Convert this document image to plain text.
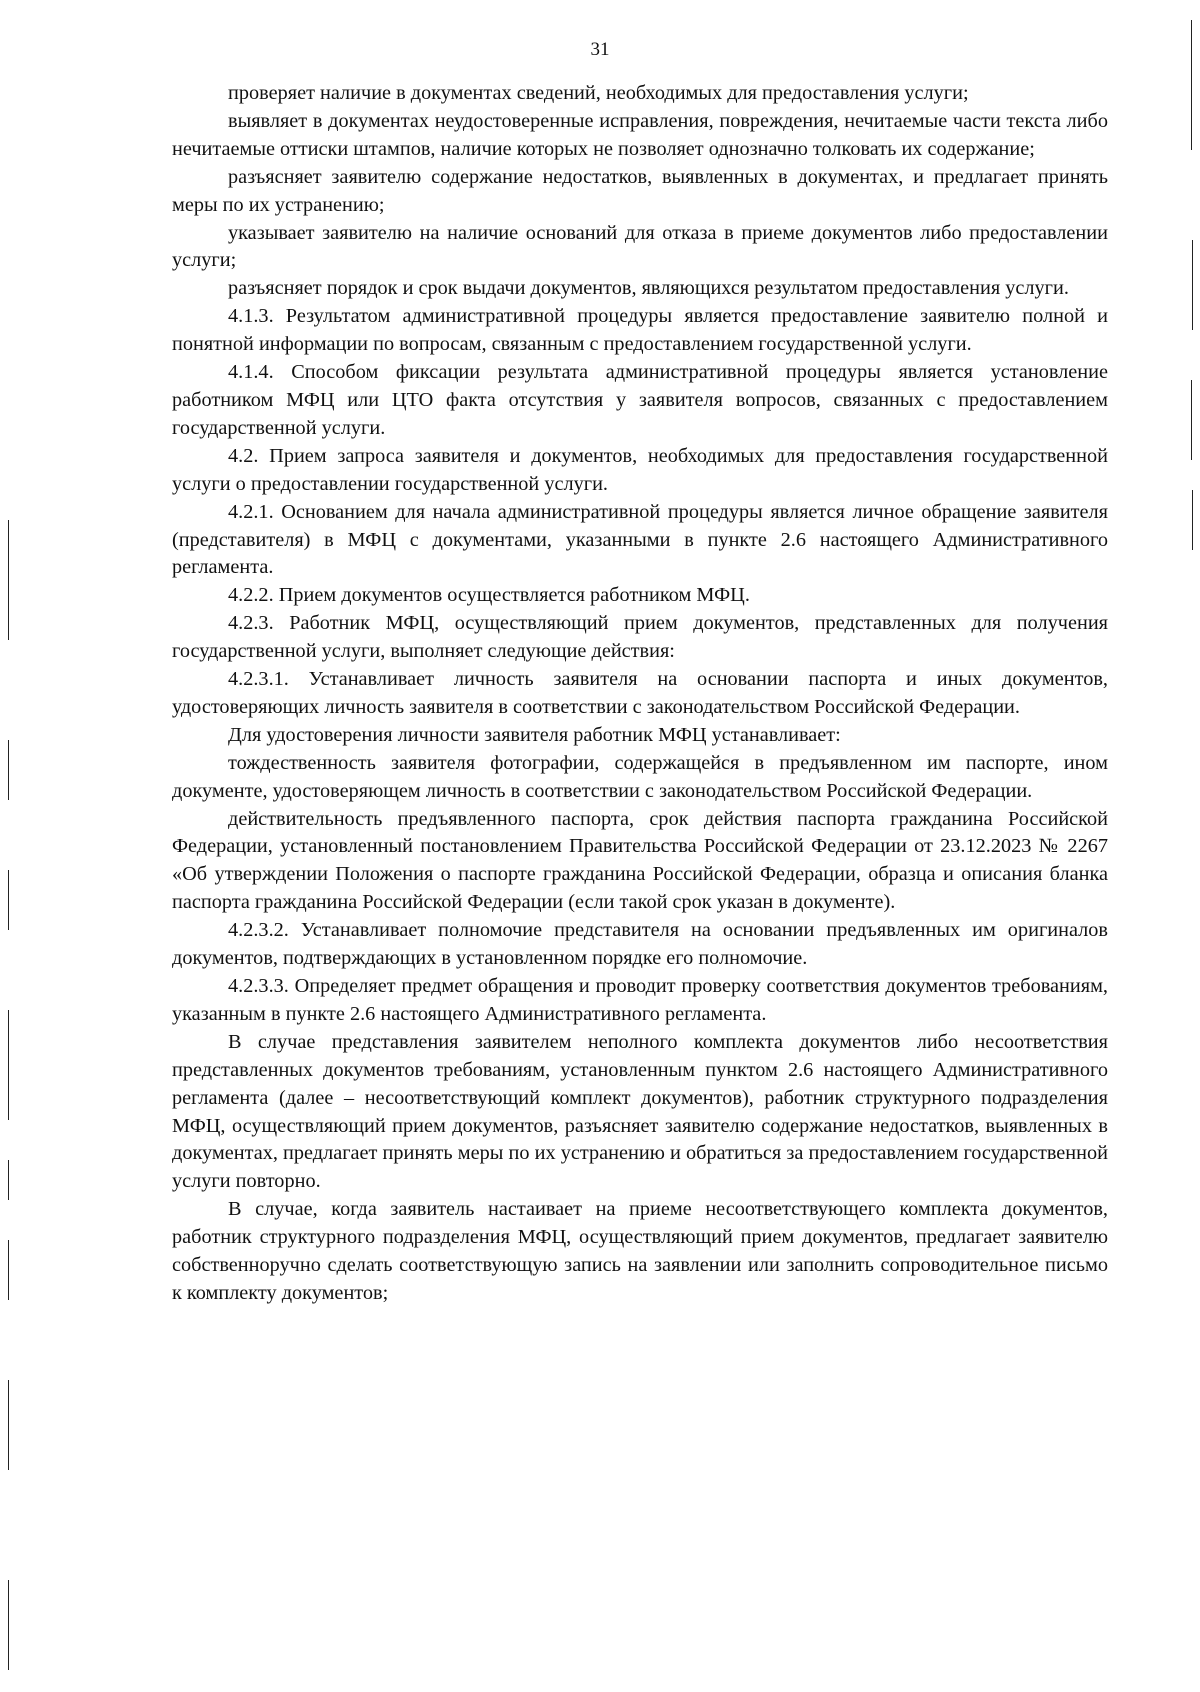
31

проверяет наличие в документах сведений, необходимых для предоставления услуги;

выявляет в документах неудостоверенные исправления, повреждения, нечитаемые части текста либо нечитаемые оттиски штампов, наличие которых не позволяет однозначно толковать их содержание;

разъясняет заявителю содержание недостатков, выявленных в документах, и предлагает принять меры по их устранению;

указывает заявителю на наличие оснований для отказа в приеме документов либо предоставлении услуги;

разъясняет порядок и срок выдачи документов, являющихся результатом предоставления услуги.

4.1.3. Результатом административной процедуры является предоставление заявителю полной и понятной информации по вопросам, связанным с предоставлением государственной услуги.

4.1.4. Способом фиксации результата административной процедуры является установление работником МФЦ или ЦТО факта отсутствия у заявителя вопросов, связанных с предоставлением государственной услуги.

4.2. Прием запроса заявителя и документов, необходимых для предоставления государственной услуги о предоставлении государственной услуги.

4.2.1. Основанием для начала административной процедуры является личное обращение заявителя (представителя) в МФЦ с документами, указанными в пункте 2.6 настоящего Административного регламента.

4.2.2. Прием документов осуществляется работником МФЦ.

4.2.3. Работник МФЦ, осуществляющий прием документов, представленных для получения государственной услуги, выполняет следующие действия:

4.2.3.1. Устанавливает личность заявителя на основании паспорта и иных документов, удостоверяющих личность заявителя в соответствии с законодательством Российской Федерации.

Для удостоверения личности заявителя работник МФЦ устанавливает:

тождественность заявителя фотографии, содержащейся в предъявленном им паспорте, ином документе, удостоверяющем личность в соответствии с законодательством Российской Федерации.

действительность предъявленного паспорта, срок действия паспорта гражданина Российской Федерации, установленный постановлением Правительства Российской Федерации от 23.12.2023 № 2267 «Об утверждении Положения о паспорте гражданина Российской Федерации, образца и описания бланка паспорта гражданина Российской Федерации (если такой срок указан в документе).

4.2.3.2. Устанавливает полномочие представителя на основании предъявленных им оригиналов документов, подтверждающих в установленном порядке его полномочие.

4.2.3.3. Определяет предмет обращения и проводит проверку соответствия документов требованиям, указанным в пункте 2.6 настоящего Административного регламента.

В случае представления заявителем неполного комплекта документов либо несоответствия представленных документов требованиям, установленным пунктом 2.6 настоящего Административного регламента (далее – несоответствующий комплект документов), работник структурного подразделения МФЦ, осуществляющий прием документов, разъясняет заявителю содержание недостатков, выявленных в документах, предлагает принять меры по их устранению и обратиться за предоставлением государственной услуги повторно.

В случае, когда заявитель настаивает на приеме несоответствующего комплекта документов, работник структурного подразделения МФЦ, осуществляющий прием документов, предлагает заявителю собственноручно сделать соответствующую запись на заявлении или заполнить сопроводительное письмо к комплекту документов;
